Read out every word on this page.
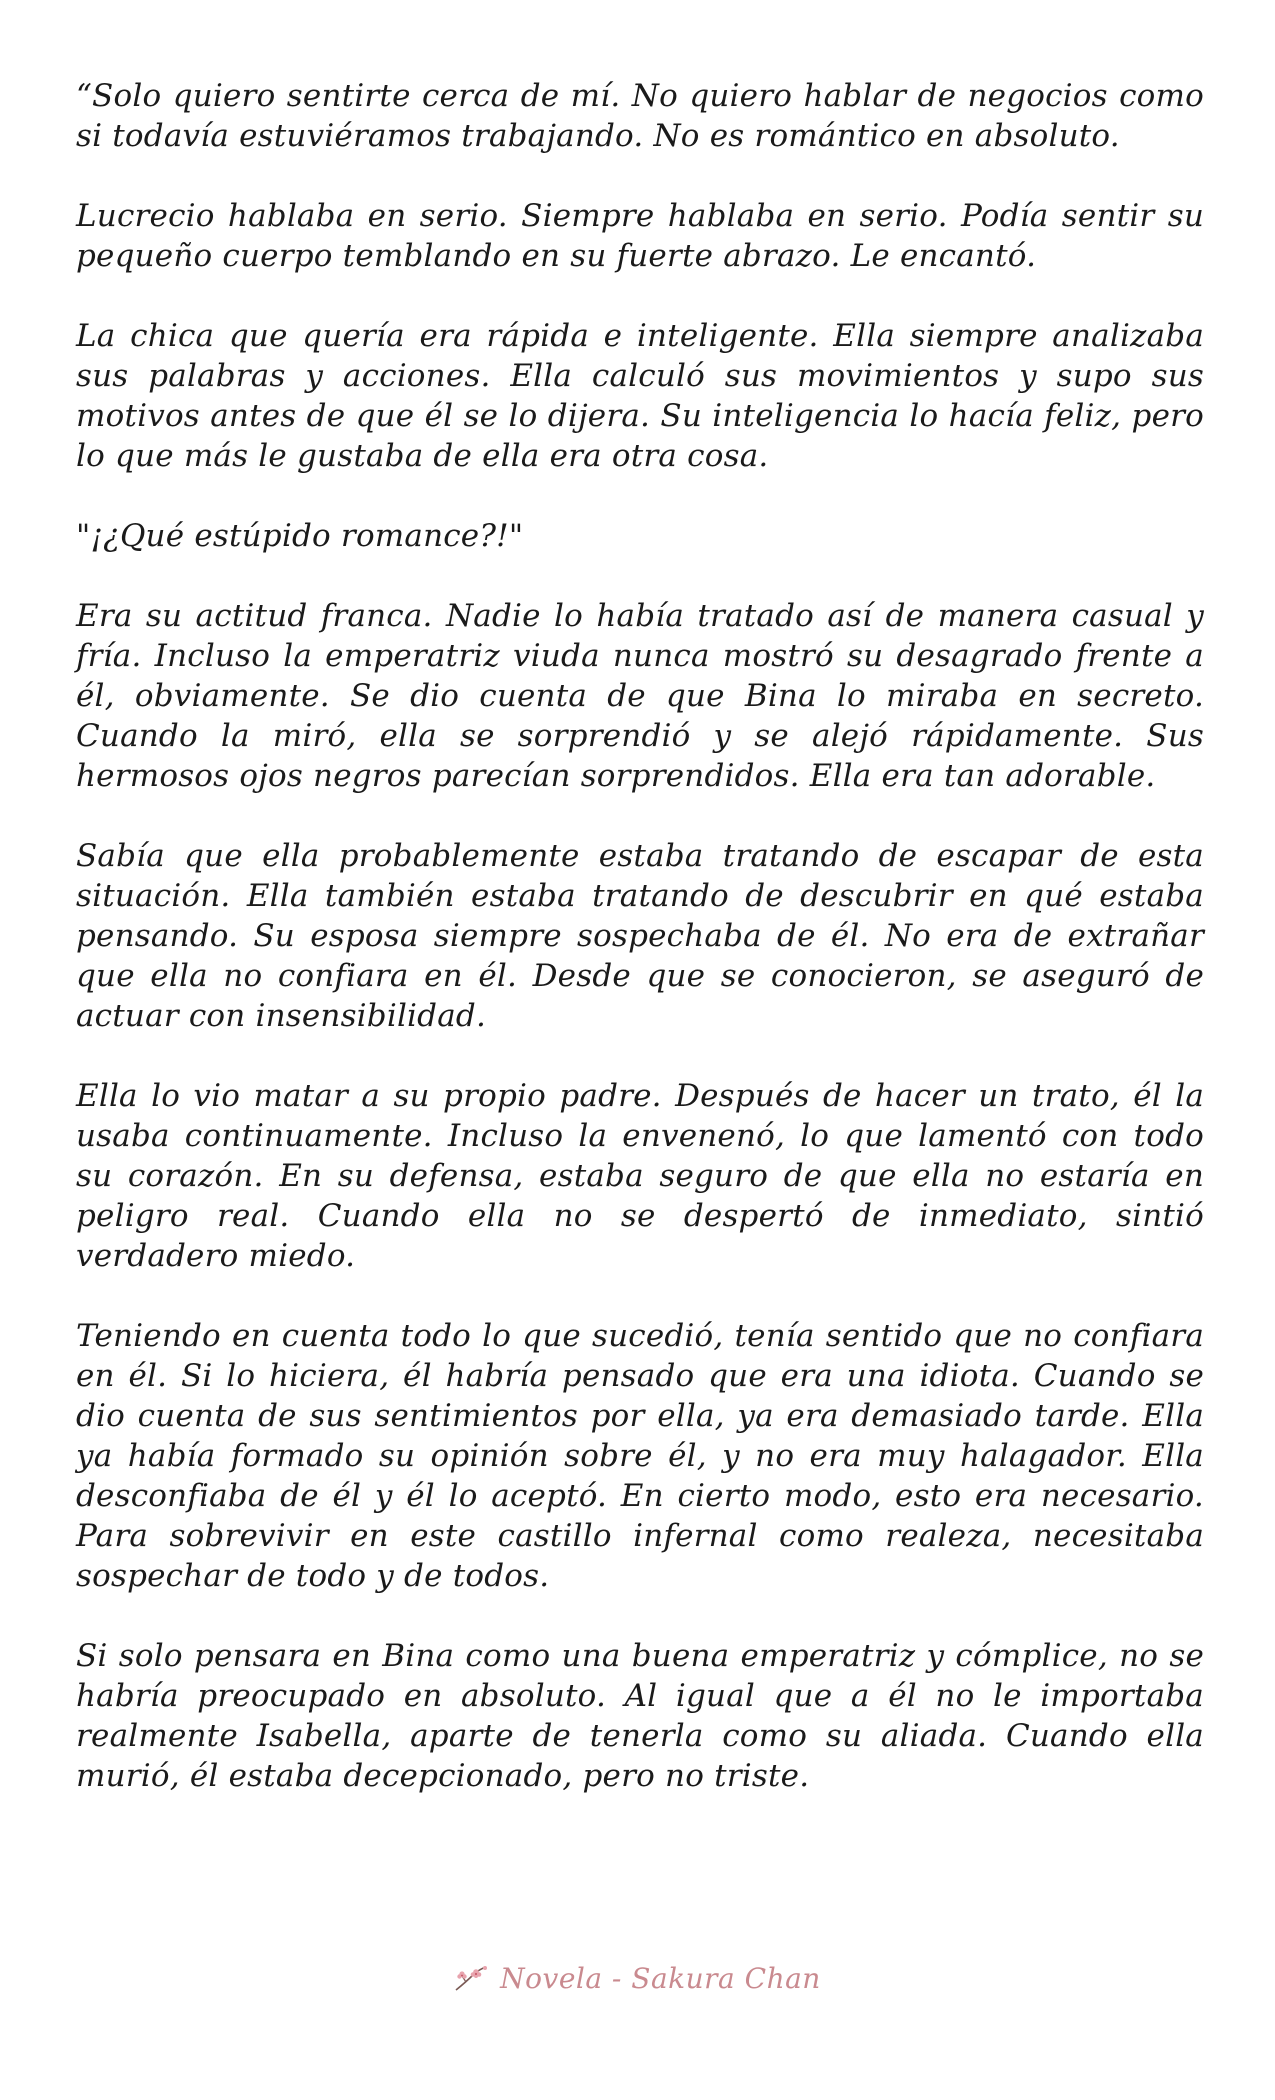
“Solo quiero sentirte cerca de mí. No quiero hablar de negocios como si todavía estuviéramos trabajando. No es romántico en absoluto.

Lucrecio hablaba en serio. Siempre hablaba en serio. Podía sentir su pequeño cuerpo temblando en su fuerte abrazo. Le encantó.

La chica que quería era rápida e inteligente. Ella siempre analizaba sus palabras y acciones. Ella calculó sus movimientos y supo sus motivos antes de que él se lo dijera. Su inteligencia lo hacía feliz, pero lo que más le gustaba de ella era otra cosa.

"¡¿Qué estúpido romance?!"

Era su actitud franca. Nadie lo había tratado así de manera casual y fría. Incluso la emperatriz viuda nunca mostró su desagrado frente a él, obviamente. Se dio cuenta de que Bina lo miraba en secreto. Cuando la miró, ella se sorprendió y se alejó rápidamente. Sus hermosos ojos negros parecían sorprendidos. Ella era tan adorable.

Sabía que ella probablemente estaba tratando de escapar de esta situación. Ella también estaba tratando de descubrir en qué estaba pensando. Su esposa siempre sospechaba de él. No era de extrañar que ella no confiara en él. Desde que se conocieron, se aseguró de actuar con insensibilidad.

Ella lo vio matar a su propio padre. Después de hacer un trato, él la usaba continuamente. Incluso la envenenó, lo que lamentó con todo su corazón. En su defensa, estaba seguro de que ella no estaría en peligro real. Cuando ella no se despertó de inmediato, sintió verdadero miedo.

Teniendo en cuenta todo lo que sucedió, tenía sentido que no confiara en él. Si lo hiciera, él habría pensado que era una idiota. Cuando se dio cuenta de sus sentimientos por ella, ya era demasiado tarde. Ella ya había formado su opinión sobre él, y no era muy halagador. Ella desconfiaba de él y él lo aceptó. En cierto modo, esto era necesario. Para sobrevivir en este castillo infernal como realeza, necesitaba sospechar de todo y de todos.

Si solo pensara en Bina como una buena emperatriz y cómplice, no se habría preocupado en absoluto. Al igual que a él no le importaba realmente Isabella, aparte de tenerla como su aliada. Cuando ella murió, él estaba decepcionado, pero no triste.

Novela - Sakura Chan
